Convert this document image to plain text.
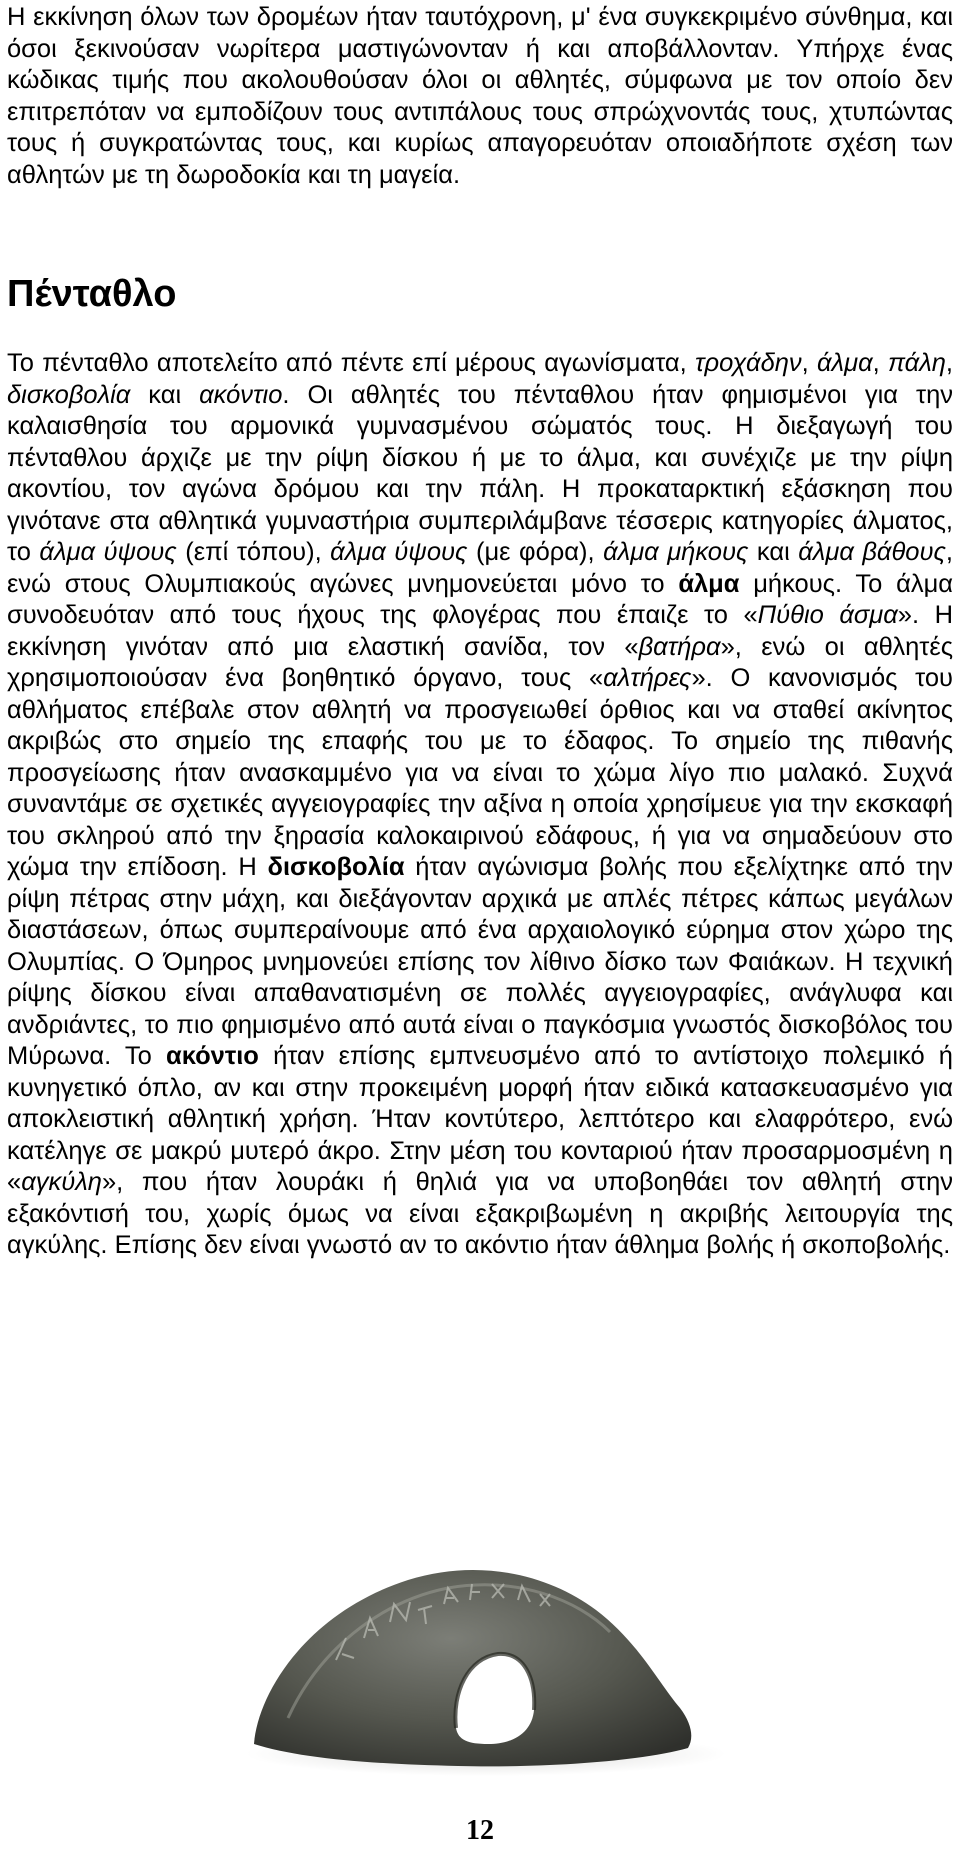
Η εκκίνηση όλων των δρομέων ήταν ταυτόχρονη, μ' ένα συγκεκριμένο σύνθημα, και όσοι ξεκινούσαν νωρίτερα μαστιγώνονταν ή και αποβάλλονταν. Υπήρχε ένας κώδικας τιμής που ακολουθούσαν όλοι οι αθλητές, σύμφωνα με τον οποίο δεν επιτρεπόταν να εμποδίζουν τους αντιπάλους τους σπρώχνοντάς τους, χτυπώντας τους ή συγκρατώντας τους, και κυρίως απαγορευόταν οποιαδήποτε σχέση των αθλητών με τη δωροδοκία και τη μαγεία.

Πένταθλο

Το πένταθλο αποτελείτο από πέντε επί μέρους αγωνίσματα, τροχάδην, άλμα, πάλη, δισκοβολία και ακόντιο. Οι αθλητές του πένταθλου ήταν φημισμένοι για την καλαισθησία του αρμονικά γυμνασμένου σώματός τους. Η διεξαγωγή του πένταθλου άρχιζε με την ρίψη δίσκου ή με το άλμα, και συνέχιζε με την ρίψη ακοντίου, τον αγώνα δρόμου και την πάλη. Η προκαταρκτική εξάσκηση που γινότανε στα αθλητικά γυμναστήρια συμπεριλάμβανε τέσσερις κατηγορίες άλματος, το άλμα ύψους (επί τόπου), άλμα ύψους (με φόρα), άλμα μήκους και άλμα βάθους, ενώ στους Ολυμπιακούς αγώνες μνημονεύεται μόνο το άλμα μήκους. Το άλμα συνοδευόταν από τους ήχους της φλογέρας που έπαιζε το «Πύθιο άσμα». Η εκκίνηση γινόταν από μια ελαστική σανίδα, τον «βατήρα», ενώ οι αθλητές χρησιμοποιούσαν ένα βοηθητικό όργανο, τους «αλτήρες». Ο κανονισμός του αθλήματος επέβαλε στον αθλητή να προσγειωθεί όρθιος και να σταθεί ακίνητος ακριβώς στο σημείο της επαφής του με το έδαφος. Το σημείο της πιθανής προσγείωσης ήταν ανασκαμμένο για να είναι το χώμα λίγο πιο μαλακό. Συχνά συναντάμε σε σχετικές αγγειογραφίες την αξίνα η οποία χρησίμευε για την εκσκαφή του σκληρού από την ξηρασία καλοκαιρινού εδάφους, ή για να σημαδεύουν στο χώμα την επίδοση. Η δισκοβολία ήταν αγώνισμα βολής που εξελίχτηκε από την ρίψη πέτρας στην μάχη, και διεξάγονταν αρχικά με απλές πέτρες κάπως μεγάλων διαστάσεων, όπως συμπεραίνουμε από ένα αρχαιολογικό εύρημα στον χώρο της Ολυμπίας. Ο Όμηρος μνημονεύει επίσης τον λίθινο δίσκο των Φαιάκων. Η τεχνική ρίψης δίσκου είναι απαθανατισμένη σε πολλές αγγειογραφίες, ανάγλυφα και ανδριάντες, το πιο φημισμένο από αυτά είναι ο παγκόσμια γνωστός δισκοβόλος του Μύρωνα. Το ακόντιο ήταν επίσης εμπνευσμένο από το αντίστοιχο πολεμικό ή κυνηγετικό όπλο, αν και στην προκειμένη μορφή ήταν ειδικά κατασκευασμένο για αποκλειστική αθλητική χρήση. Ήταν κοντύτερο, λεπτότερο και ελαφρότερο, ενώ κατέληγε σε μακρύ μυτερό άκρο. Στην μέση του κονταριού ήταν προσαρμοσμένη η «αγκύλη», που ήταν λουράκι ή θηλιά για να υποβοηθάει τον αθλητή στην εξακόντισή του, χωρίς όμως να είναι εξακριβωμένη η ακριβής λειτουργία της αγκύλης. Επίσης δεν είναι γνωστό αν το ακόντιο ήταν άθλημα βολής ή σκοποβολής.

12
